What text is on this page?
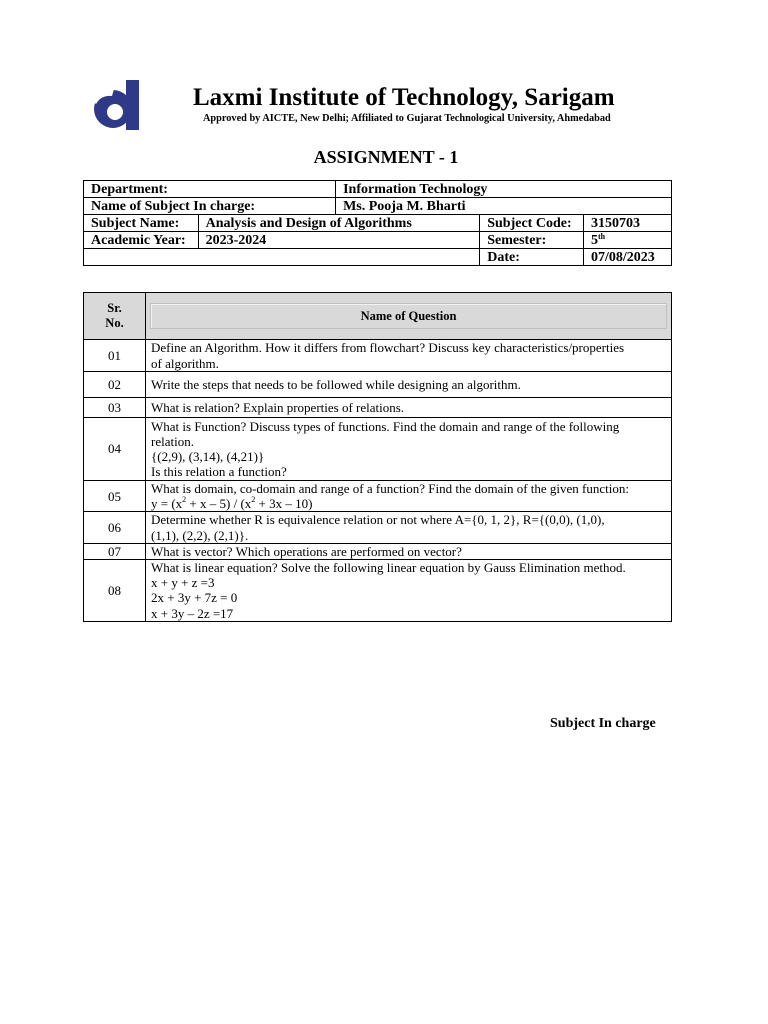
Laxmi Institute of Technology, Sarigam
Approved by AICTE, New Delhi; Affiliated to Gujarat Technological University, Ahmedabad
ASSIGNMENT - 1
Department:		Information Technology		
Name of Subject In charge:		Ms. Pooja M. Bharti		
Subject Name:	Analysis and Design of Algorithms		Subject Code:	3150703
Academic Year:	2023-2024		Semester:	5th
			Date:	07/08/2023
Sr.
No.	Name of Question

01	Define an Algorithm. How it differs from flowchart? Discuss key characteristics/properties
of algorithm.

02	Write the steps that needs to be followed while designing an algorithm.

03	What is relation? Explain properties of relations.

04	What is Function? Discuss types of functions. Find the domain and range of the following
relation.
{(2,9), (3,14), (4,21)}
Is this relation a function?

05	What is domain, co-domain and range of a function? Find the domain of the given function:
$y = (x^2 + x - 5) / (x^2 + 3x - 10)$

06	Determine whether R is equivalence relation or not where A={0, 1, 2}, R={(0,0), (1,0),
(1,1), (2,2), (2,1)}.

07	What is vector? Which operations are performed on vector?

08	What is linear equation? Solve the following linear equation by Gauss Elimination method.
x + y + z =3
2x + 3y + 7z = 0
x + 3y – 2z =17
Subject In charge
